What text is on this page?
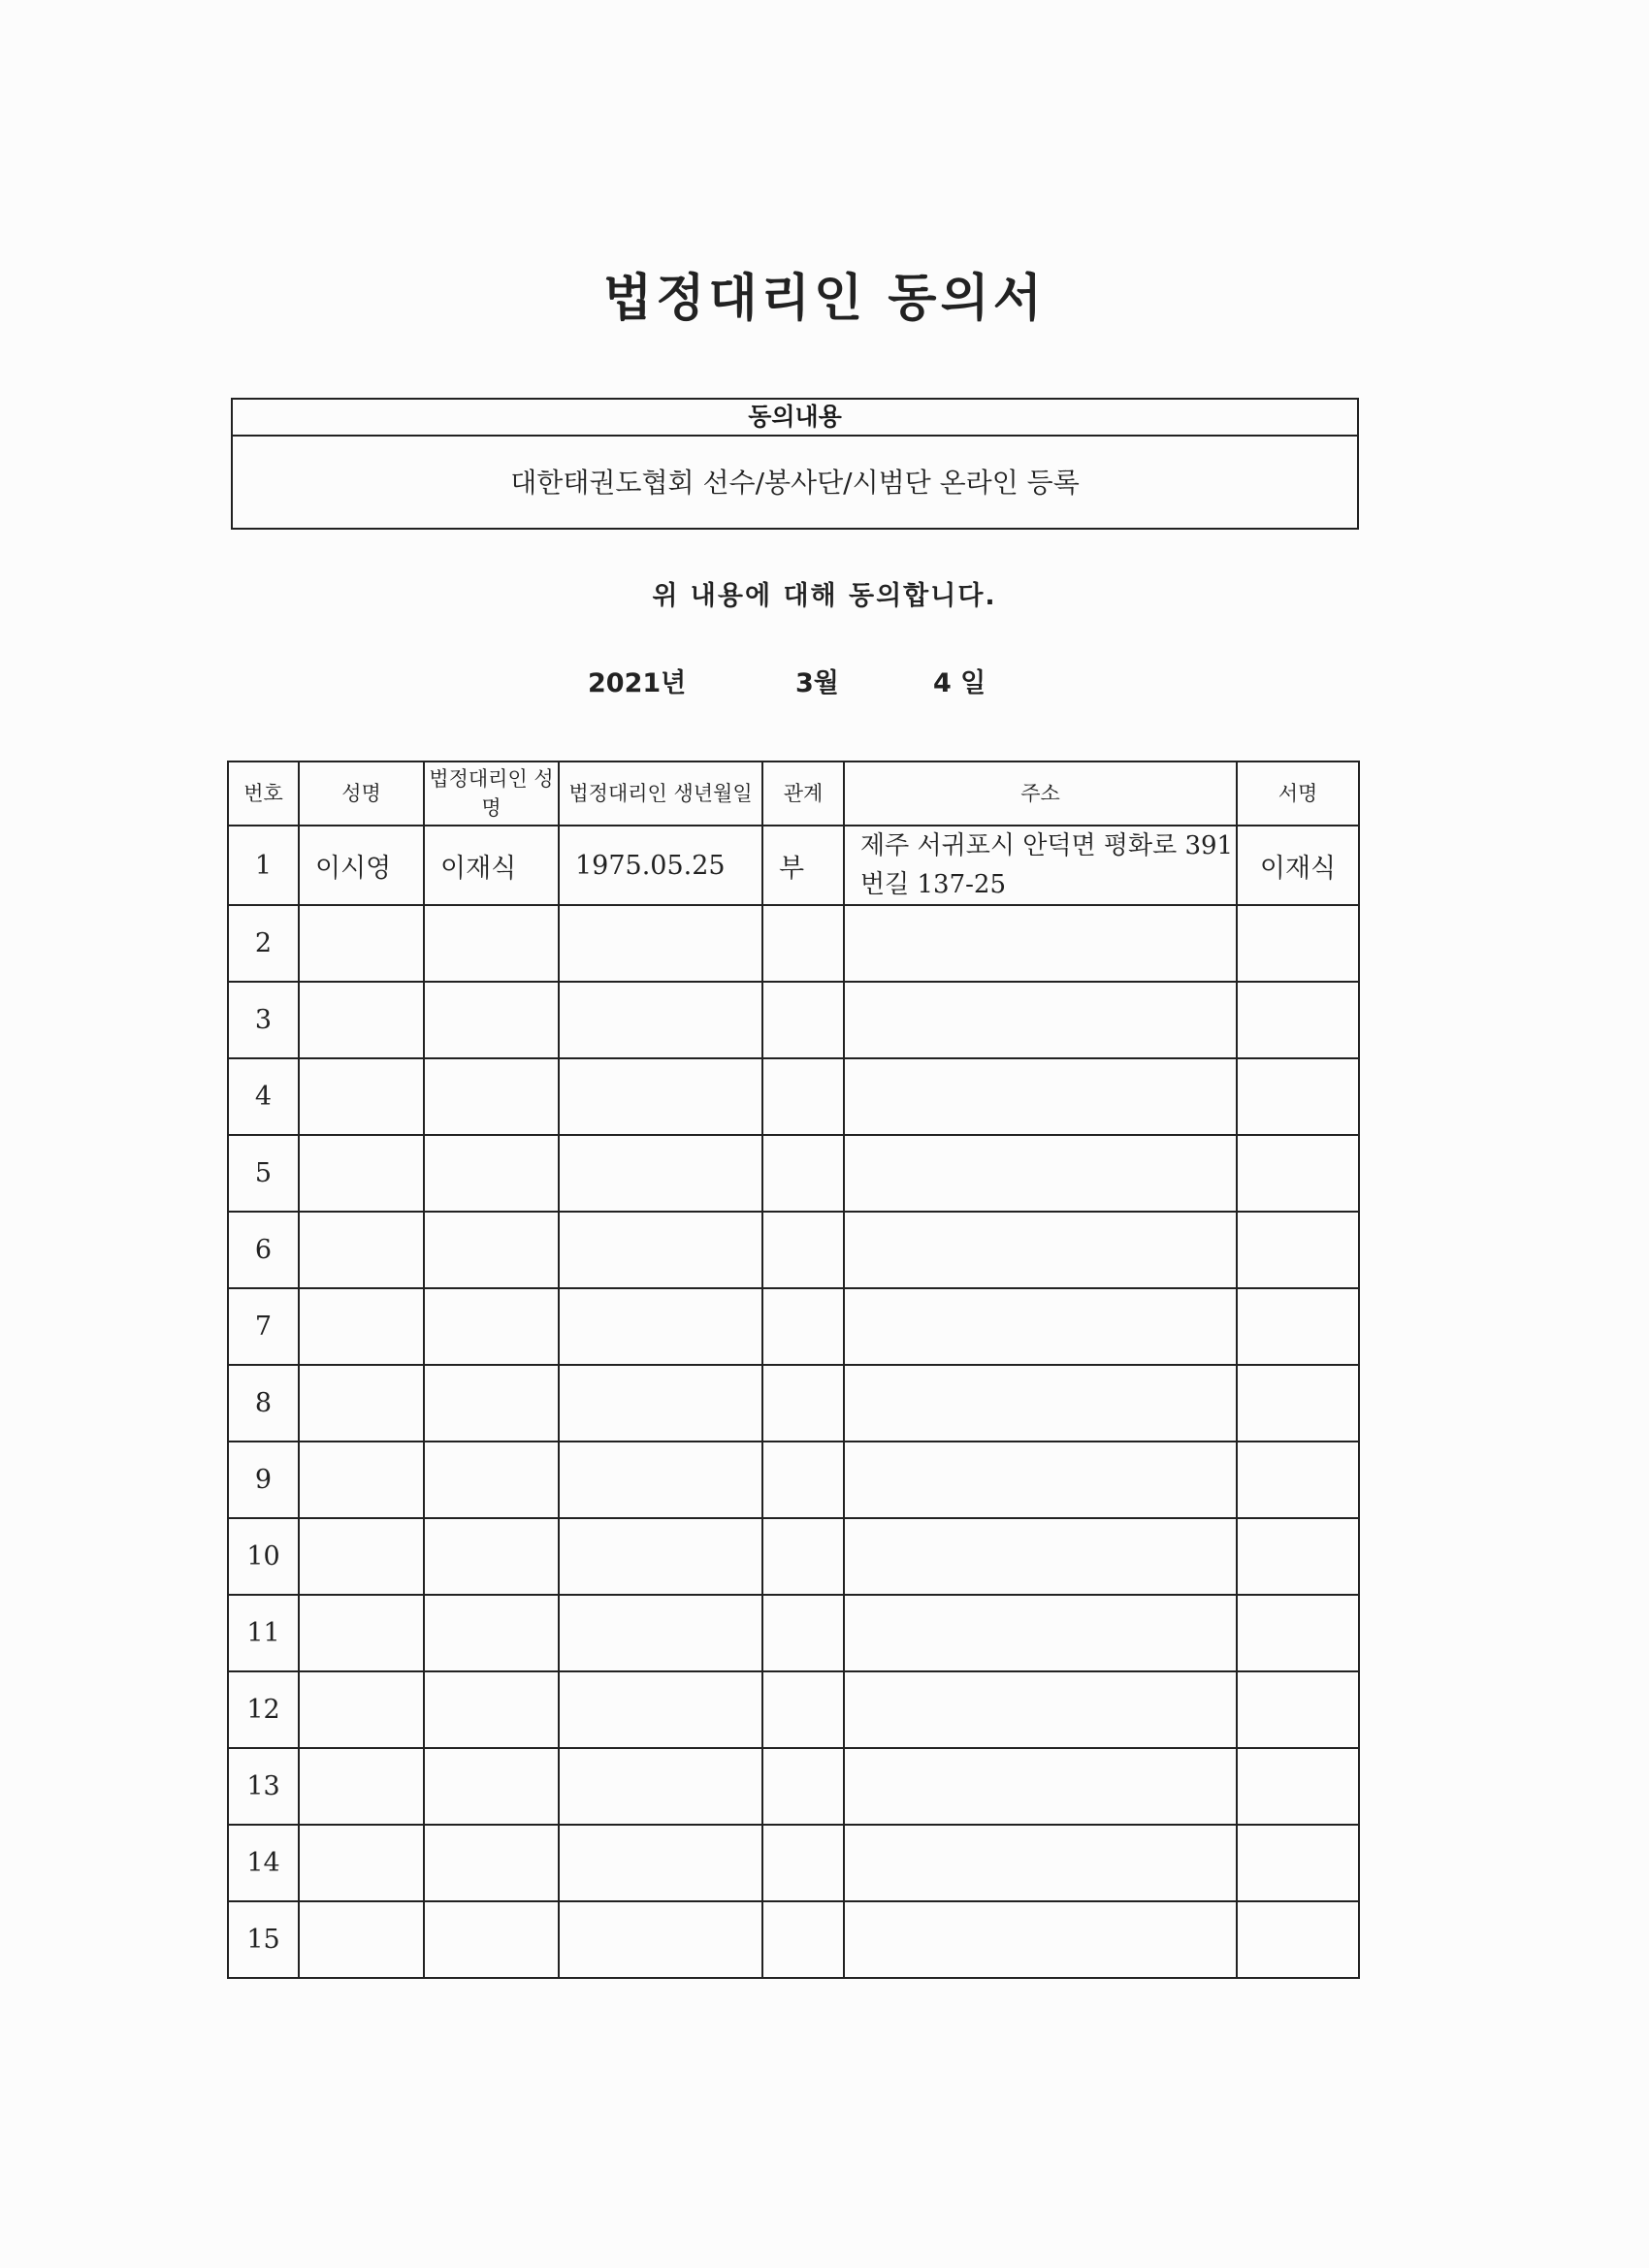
법정대리인 동의서
동의내용
대한태권도협회 선수/봉사단/시범단 온라인 등록
위 내용에 대해 동의합니다.
2021년	3월	4 일
번호	성명	법정대리인 성명	법정대리인 생년월일	관계	주소	서명
1	이시영	이재식	1975.05.25	부	제주 서귀포시 안덕면 평화로 391번길 137-25	이재식
2						
3						
4						
5						
6						
7						
8						
9						
10						
11						
12						
13						
14						
15						
